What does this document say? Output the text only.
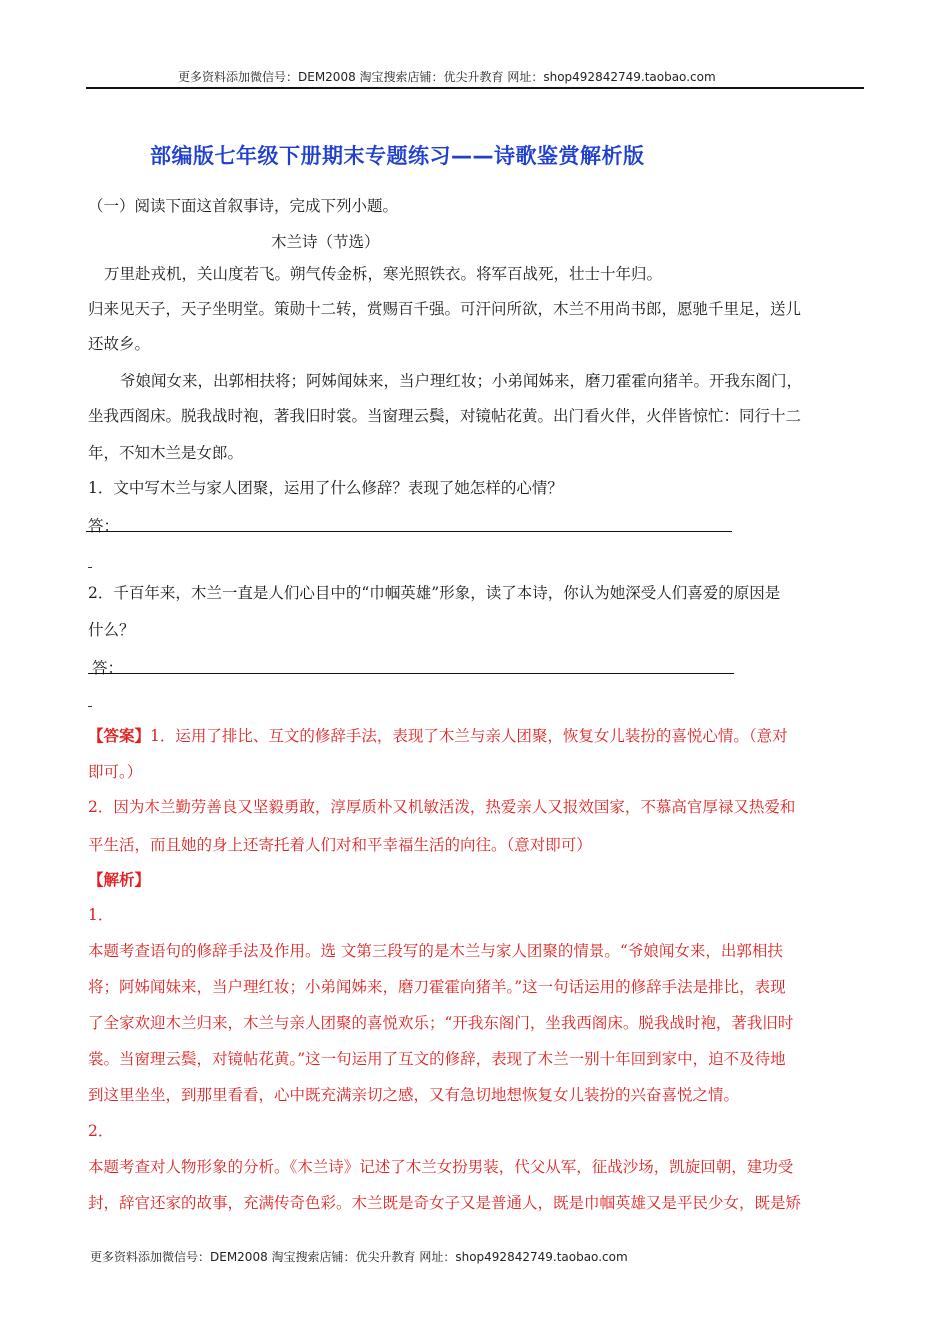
更多资料添加微信号：DEM2008 淘宝搜索店铺：优尖升教育 网址：shop492842749.taobao.com
部编版七年级下册期末专题练习——诗歌鉴赏解析版
（一）阅读下面这首叙事诗，完成下列小题。
木兰诗（节选）
万里赴戎机，关山度若飞。朔气传金柝，寒光照铁衣。将军百战死，壮士十年归。
归来见天子，天子坐明堂。策勋十二转，赏赐百千强。可汗问所欲，木兰不用尚书郎，愿驰千里足，送儿
还故乡。
爷娘闻女来，出郭相扶将；阿姊闻妹来，当户理红妆；小弟闻姊来，磨刀霍霍向猪羊。开我东阁门，
坐我西阁床。脱我战时袍，著我旧时裳。当窗理云鬓，对镜帖花黄。出门看火伴，火伴皆惊忙：同行十二
年，不知木兰是女郎。
1．文中写木兰与家人团聚，运用了什么修辞？表现了她怎样的心情？
答：
2．千百年来，木兰一直是人们心目中的“巾帼英雄”形象，读了本诗，你认为她深受人们喜爱的原因是
什么？
答：
【答案】1．运用了排比、互文的修辞手法，表现了木兰与亲人团聚，恢复女儿装扮的喜悦心情。（意对
即可。）
2．因为木兰勤劳善良又坚毅勇敢，淳厚质朴又机敏活泼，热爱亲人又报效国家，不慕高官厚禄又热爱和
平生活，而且她的身上还寄托着人们对和平幸福生活的向往。（意对即可）
【解析】
1．
本题考查语句的修辞手法及作用。选 文第三段写的是木兰与家人团聚的情景。“爷娘闻女来，出郭相扶
将；阿姊闻妹来，当户理红妆；小弟闻姊来，磨刀霍霍向猪羊。”这一句话运用的修辞手法是排比，表现
了全家欢迎木兰归来，木兰与亲人团聚的喜悦欢乐；“开我东阁门，坐我西阁床。脱我战时袍，著我旧时
裳。当窗理云鬓，对镜帖花黄。”这一句运用了互文的修辞，表现了木兰一别十年回到家中，迫不及待地
到这里坐坐，到那里看看，心中既充满亲切之感，又有急切地想恢复女儿装扮的兴奋喜悦之情。
2．
本题考查对人物形象的分析。《木兰诗》记述了木兰女扮男装，代父从军，征战沙场，凯旋回朝，建功受
封，辞官还家的故事，充满传奇色彩。木兰既是奇女子又是普通人，既是巾帼英雄又是平民少女，既是矫
更多资料添加微信号：DEM2008 淘宝搜索店铺：优尖升教育 网址：shop492842749.taobao.com
